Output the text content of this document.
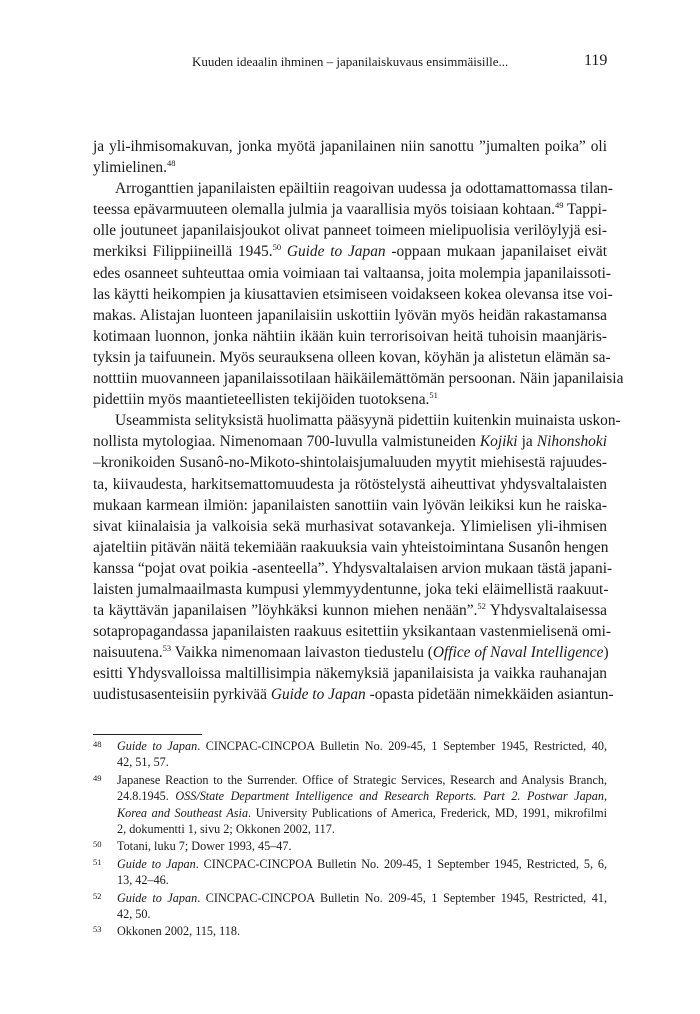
Kuuden ideaalin ihminen – japanilaiskuvaus ensimmäisille...	119
ja yli-ihmisomakuvan, jonka myötä japanilainen niin sanottu ”jumalten poika” oli
ylimielinen.$^{48}$
Arroganttien japanilaisten epäiltiin reagoivan uudessa ja odottamattomassa tilan-
teessa epävarmuuteen olemalla julmia ja vaarallisia myös toisiaan kohtaan.$^{49}$ Tappi-
olle joutuneet japanilaisjoukot olivat panneet toimeen mielipuolisia verilöylyjä esi-
merkiksi Filippiineillä 1945.50 Guide to Japan -oppaan mukaan japanilaiset eivät
edes osanneet suhteuttaa omia voimiaan tai valtaansa, joita molempia japanilaissoti-
las käytti heikompien ja kiusattavien etsimiseen voidakseen kokea olevansa itse voi-
makas. Alistajan luonteen japanilaisiin uskottiin lyövän myös heidän rakastamansa
kotimaan luonnon, jonka nähtiin ikään kuin terrorisoivan heitä tuhoisin maanjäris-
tyksin ja taifuunein. Myös seurauksena olleen kovan, köyhän ja alistetun elämän sa-
notttiin muovanneen japanilaissotilaan häikäilemättömän persoonan. Näin japanilaisia
pidettiin myös maantieteellisten tekijöiden tuotoksena.$^{51}$
Useammista selityksistä huolimatta pääsyynä pidettiin kuitenkin muinaista uskon-
nollista mytologiaa. Nimenomaan 700-luvulla valmistuneiden Kojiki ja Nihonshoki
–kronikoiden Susanô-no-Mikoto-shintolaisjumaluuden myytit miehisestä rajuudes-
ta, kiivaudesta, harkitsemattomuudesta ja rötöstelystä aiheuttivat yhdysvaltalaisten
mukaan karmean ilmiön: japanilaisten sanottiin vain lyövän leikiksi kun he raiska-
sivat kiinalaisia ja valkoisia sekä murhasivat sotavankeja. Ylimielisen yli-ihmisen
ajateltiin pitävän näitä tekemiään raakuuksia vain yhteistoimintana Susanôn hengen
kanssa “pojat ovat poikia -asenteella”. Yhdysvaltalaisen arvion mukaan tästä japani-
laisten jumalmaailmasta kumpusi ylemmyydentunne, joka teki eläimellistä raakuut-
ta käyttävän japanilaisen ”löyhkäksi kunnon miehen nenään”.$^{52}$ Yhdysvaltalaisessa
sotapropagandassa japanilaisten raakuus esitettiin yksikantaan vastenmielisenä omi-
naisuutena.$^{53}$ Vaikka nimenomaan laivaston tiedustelu (Office of Naval Intelligence)
esitti Yhdysvalloissa maltillisimpia näkemyksiä japanilaisista ja vaikka rauhanajan
uudistusasenteisiin pyrkivää Guide to Japan -opasta pidetään nimekkäiden asiantun-
48 Guide to Japan. CINCPAC-CINCPOA Bulletin No. 209-45, 1 September 1945, Restricted, 40,
42, 51, 57.
49 Japanese Reaction to the Surrender. Office of Strategic Services, Research and Analysis Branch,
24.8.1945. OSS/State Department Intelligence and Research Reports. Part 2. Postwar Japan,
Korea and Southeast Asia. University Publications of America, Frederick, MD, 1991, mikrofilmi
2, dokumentti 1, sivu 2; Okkonen 2002, 117.
50 Totani, luku 7; Dower 1993, 45–47.
51 Guide to Japan. CINCPAC-CINCPOA Bulletin No. 209-45, 1 September 1945, Restricted, 5, 6,
13, 42–46.
52 Guide to Japan. CINCPAC-CINCPOA Bulletin No. 209-45, 1 September 1945, Restricted, 41,
42, 50.
53 Okkonen 2002, 115, 118.
